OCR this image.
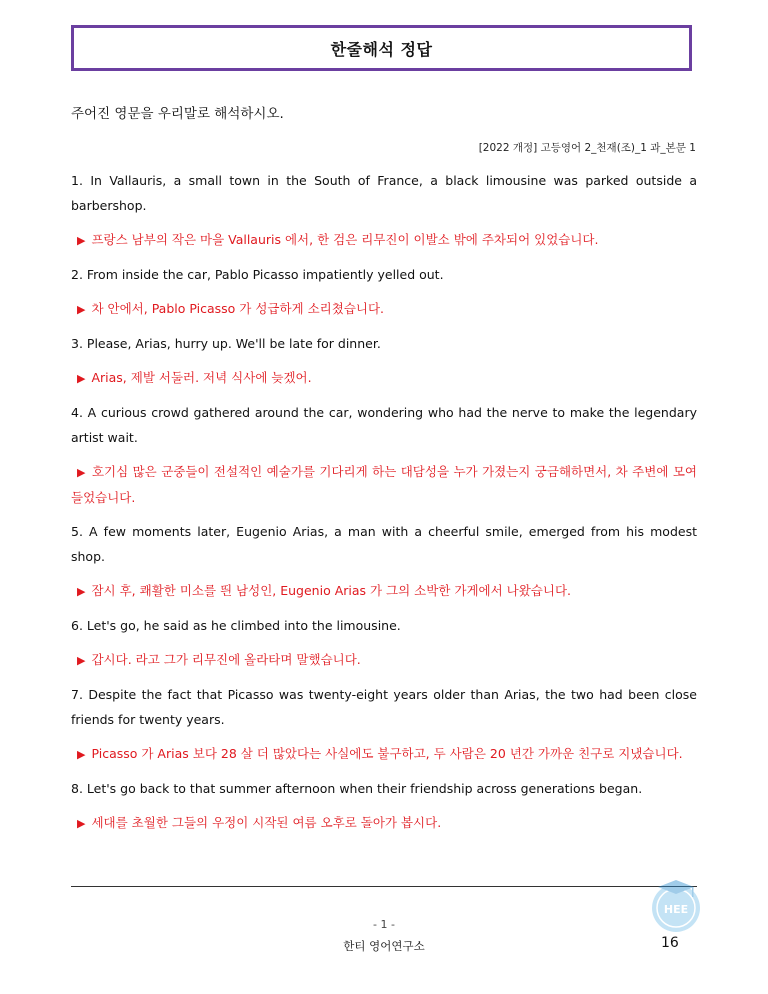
한줄해석 정답
주어진 영문을 우리말로 해석하시오.
[2022 개정] 고등영어 2_천재(조)_1 과_본문 1

1. In Vallauris, a small town in the South of France, a black limousine was parked outside a barbershop.

▶ 프랑스 남부의 작은 마을 Vallauris 에서, 한 검은 리무진이 이발소 밖에 주차되어 있었습니다.

2. From inside the car, Pablo Picasso impatiently yelled out.

▶ 차 안에서, Pablo Picasso 가 성급하게 소리쳤습니다.

3. Please, Arias, hurry up. We'll be late for dinner.

▶ Arias, 제발 서둘러. 저녁 식사에 늦겠어.

4. A curious crowd gathered around the car, wondering who had the nerve to make the legendary artist wait.

▶ 호기심 많은 군중들이 전설적인 예술가를 기다리게 하는 대담성을 누가 가졌는지 궁금해하면서, 차 주변에 모여들었습니다.

5. A few moments later, Eugenio Arias, a man with a cheerful smile, emerged from his modest shop.

▶ 잠시 후, 쾌활한 미소를 띈 남성인, Eugenio Arias 가 그의 소박한 가게에서 나왔습니다.

6. Let's go, he said as he climbed into the limousine.

▶ 갑시다. 라고 그가 리무진에 올라타며 말했습니다.

7. Despite the fact that Picasso was twenty-eight years older than Arias, the two had been close friends for twenty years.

▶ Picasso 가 Arias 보다 28 살 더 많았다는 사실에도 불구하고, 두 사람은 20 년간 가까운 친구로 지냈습니다.

8. Let's go back to that summer afternoon when their friendship across generations began.

▶ 세대를 초월한 그들의 우정이 시작된 여름 오후로 돌아가 봅시다.

HEE
- 1 -
한티 영어연구소	16
